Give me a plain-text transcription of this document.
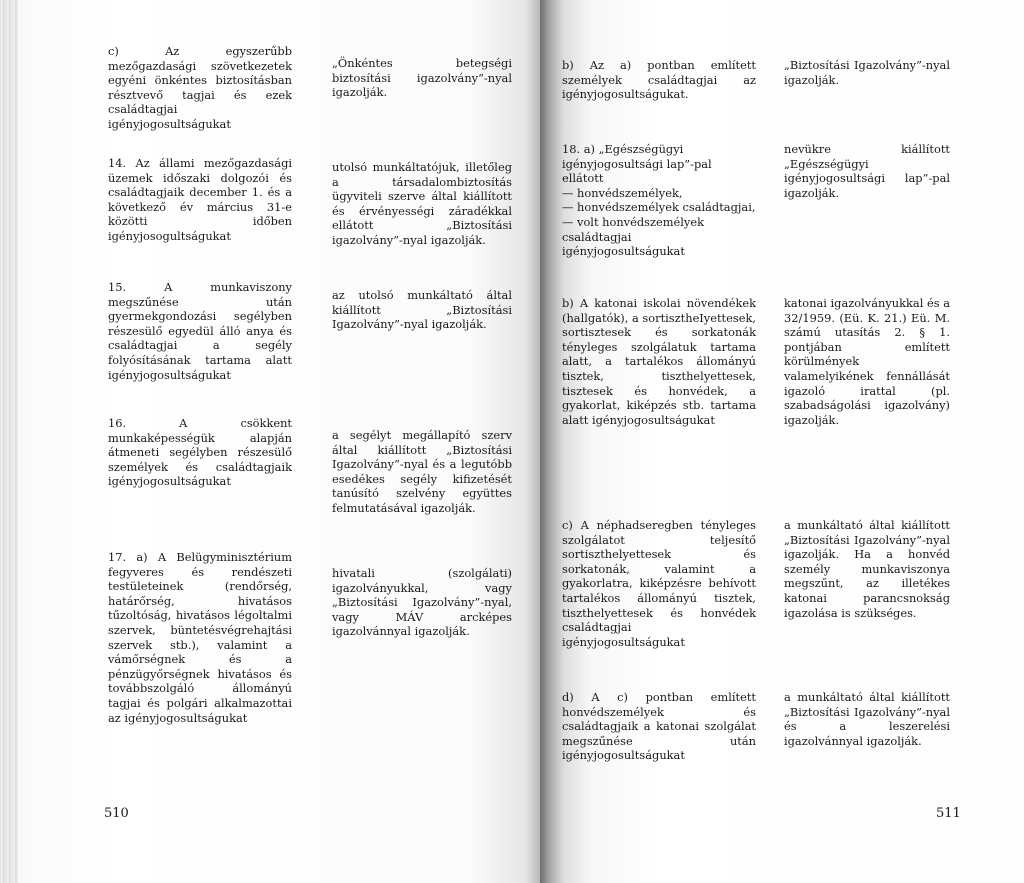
c) Az egyszerűbb mezőgazdasági szövetkezetek egyéni önkéntes biztosításban résztvevő tagjai és ezek családtagjai igényjogosultságukat

14. Az állami mezőgazdasági üzemek időszaki dolgozói és családtagjaik december 1. és a következő év március 31-e közötti időben igényjosogultságukat

15. A munkaviszony megszűnése után gyermekgondozási segélyben részesülő egyedül álló anya és családtagjai a segély folyósításának tartama alatt igényjogosultságukat

16. A csökkent munkaképességük alapján átmeneti segélyben részesülő személyek és családtagjaik igényjogosultságukat

17. a) A Belügyminisztérium fegyveres és rendészeti testületeinek (rendőrség, határőrség, hivatásos tűzoltóság, hivatásos légoltalmi szervek, büntetésvégrehajtási szervek stb.), valamint a vámőrségnek és a pénzügyőrségnek hivatásos és továbbszolgáló állományú tagjai és polgári alkalmazottai az igényjogosultságukat

„Önkéntes betegségi biztosítási igazolvány”-nyal igazolják.

utolsó munkáltatójuk, illetőleg a társadalombiztosítás ügyviteli szerve által kiállított és érvényességi záradékkal ellátott „Biztosítási igazolvány”-nyal igazolják.

az utolsó munkáltató által kiállított „Biztosítási Igazolvány”-nyal igazolják.

a segélyt megállapító szerv által kiállított „Biztosítási Igazolvány”-nyal és a legutóbb esedékes segély kifizetését tanúsító szelvény együttes felmutatásával igazolják.

hivatali (szolgálati) igazolványukkal, vagy „Biztosítási Igazolvány”-nyal, vagy MÁV arcképes igazolvánnyal igazolják.

510

b) Az a) pontban említett személyek családtagjai az igényjogosultságukat.

18. a) „Egészségügyi igényjogosultsági lap”-pal ellátott
— honvédszemélyek,
— honvédszemélyek családtagjai,
— volt honvédszemélyek családtagjai igényjogosultságukat

b) A katonai iskolai növendékek (hallgatók), a sortisztheIyettesek, sortisztesek és sorkatonák tényleges szolgálatuk tartama alatt, a tartalékos állományú tisztek, tiszthelyettesek, tisztesek és honvédek, a gyakorlat, kiképzés stb. tartama alatt igényjogosultságukat

c) A néphadseregben tényleges szolgálatot teljesítő sortiszthelyettesek és sorkatonák, valamint a gyakorlatra, kiképzésre behívott tartalékos állományú tisztek, tiszthelyettesek és honvédek családtagjai igényjogosultságukat

d) A c) pontban említett honvédszemélyek és családtagjaik a katonai szolgálat megszűnése után igényjogosultságukat

„Biztosítási Igazolvány”-nyal igazolják.

nevükre kiállított „Egészségügyi igényjogosultsági lap”-pal igazolják.

katonai igazolványukkal és a 32/1959. (Eü. K. 21.) Eü. M. számú utasítás 2. § 1. pontjában említett körülmények valamelyikének fennállását igazoló irattal (pl. szabadságolási igazolvány) igazolják.

a munkáltató által kiállított „Biztosítási Igazolvány”-nyal igazolják. Ha a honvéd személy munkaviszonya megszűnt, az illetékes katonai parancsnokság igazolása is szükséges.

a munkáltató által kiállított „Biztosítási Igazolvány”-nyal és a leszerelési igazolvánnyal igazolják.

511
